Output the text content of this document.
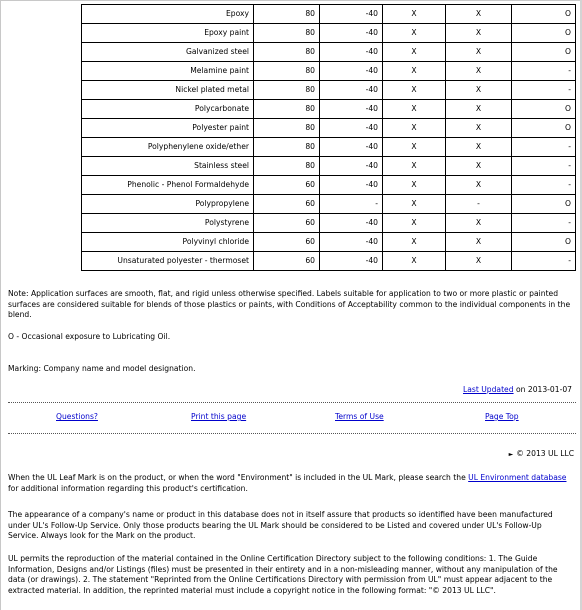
Epoxy	80	-40	X	X	O
Epoxy paint	80	-40	X	X	O
Galvanized steel	80	-40	X	X	O
Melamine paint	80	-40	X	X	-
Nickel plated metal	80	-40	X	X	-
Polycarbonate	80	-40	X	X	O
Polyester paint	80	-40	X	X	O
Polyphenylene oxide/ether	80	-40	X	X	-
Stainless steel	80	-40	X	X	-
Phenolic - Phenol Formaldehyde	60	-40	X	X	-
Polypropylene	60	-	X	-	O
Polystyrene	60	-40	X	X	-
Polyvinyl chloride	60	-40	X	X	O
Unsaturated polyester - thermoset	60	-40	X	X	-
Note: Application surfaces are smooth, flat, and rigid unless otherwise specified. Labels suitable for application to two or more plastic or painted surfaces are considered suitable for blends of those plastics or paints, with Conditions of Acceptability common to the individual components in the blend.
O - Occasional exposure to Lubricating Oil.
Marking: Company name and model designation.
Last Updated on 2013-01-07
Questions?	Print this page	Terms of Use	Page Top
► © 2013 UL LLC
When the UL Leaf Mark is on the product, or when the word "Environment" is included in the UL Mark, please search the UL Environment database for additional information regarding this product's certification.
The appearance of a company's name or product in this database does not in itself assure that products so identified have been manufactured under UL's Follow-Up Service. Only those products bearing the UL Mark should be considered to be Listed and covered under UL's Follow-Up Service. Always look for the Mark on the product.
UL permits the reproduction of the material contained in the Online Certification Directory subject to the following conditions: 1. The Guide Information, Designs and/or Listings (files) must be presented in their entirety and in a non-misleading manner, without any manipulation of the data (or drawings). 2. The statement "Reprinted from the Online Certifications Directory with permission from UL" must appear adjacent to the extracted material. In addition, the reprinted material must include a copyright notice in the following format: "© 2013 UL LLC".
